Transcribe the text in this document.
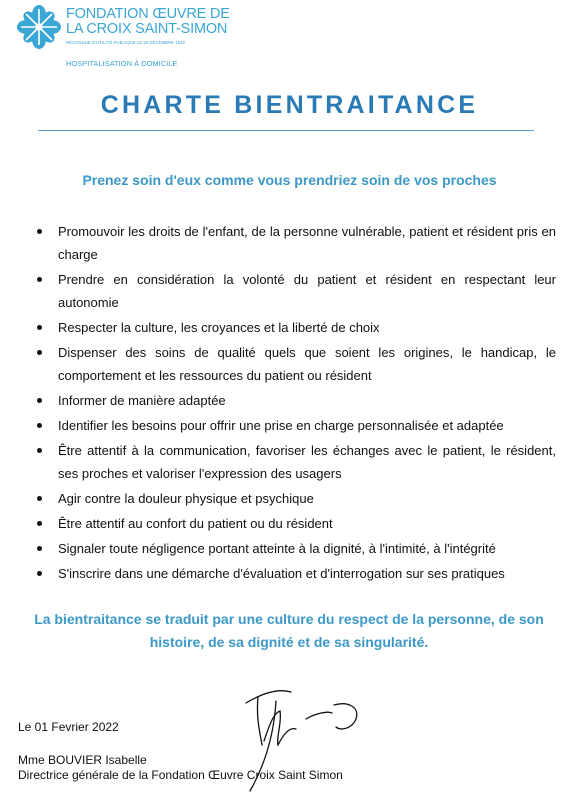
FONDATION ŒUVRE DE
LA CROIX SAINT-SIMON
RECONNUE D'UTILITÉ PUBLIQUE LE 29 DÉCEMBRE 1922
HOSPITALISATION À DOMICILE
CHARTE BIENTRAITANCE

Prenez soin d'eux comme vous prendriez soin de vos proches

Promouvoir les droits de l'enfant, de la personne vulnérable, patient et résident pris en charge
Prendre en considération la volonté du patient et résident en respectant leur autonomie
Respecter la culture, les croyances et la liberté de choix
Dispenser des soins de qualité quels que soient les origines, le handicap, le comportement et les ressources du patient ou résident
Informer de manière adaptée
Identifier les besoins pour offrir une prise en charge personnalisée et adaptée
Être attentif à la communication, favoriser les échanges avec le patient, le résident, ses proches et valoriser l'expression des usagers
Agir contre la douleur physique et psychique
Être attentif au confort du patient ou du résident
Signaler toute négligence portant atteinte à la dignité, à l'intimité, à l'intégrité
S'inscrire dans une démarche d'évaluation et d'interrogation sur ses pratiques

La bientraitance se traduit par une culture du respect de la personne, de son histoire, de sa dignité et de sa singularité.

Le 01 Fevrier 2022
Mme BOUVIER Isabelle
Directrice générale de la Fondation Œuvre Croix Saint Simon
